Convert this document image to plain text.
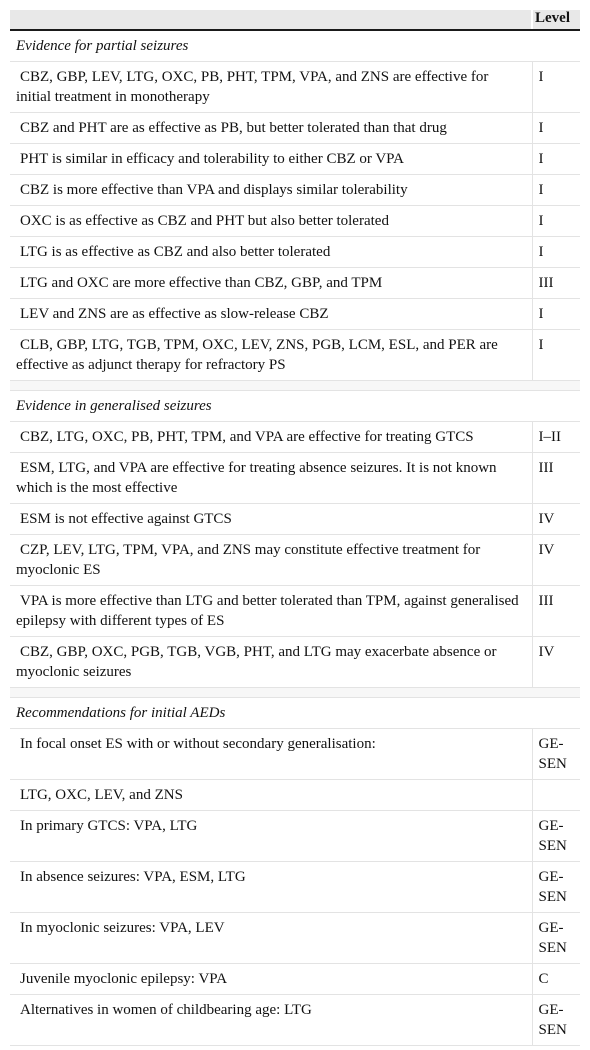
	Level
Evidence for partial seizures	
CBZ, GBP, LEV, LTG, OXC, PB, PHT, TPM, VPA, and ZNS are effective for initial treatment in monotherapy	I
CBZ and PHT are as effective as PB, but better tolerated than that drug	I
PHT is similar in efficacy and tolerability to either CBZ or VPA	I
CBZ is more effective than VPA and displays similar tolerability	I
OXC is as effective as CBZ and PHT but also better tolerated	I
LTG is as effective as CBZ and also better tolerated	I
LTG and OXC are more effective than CBZ, GBP, and TPM	III
LEV and ZNS are as effective as slow-release CBZ	I
CLB, GBP, LTG, TGB, TPM, OXC, LEV, ZNS, PGB, LCM, ESL, and PER are effective as adjunct therapy for refractory PS	I

Evidence in generalised seizures	
CBZ, LTG, OXC, PB, PHT, TPM, and VPA are effective for treating GTCS	I–II
ESM, LTG, and VPA are effective for treating absence seizures. It is not known which is the most effective	III
ESM is not effective against GTCS	IV
CZP, LEV, LTG, TPM, VPA, and ZNS may constitute effective treatment for myoclonic ES	IV
VPA is more effective than LTG and better tolerated than TPM, against generalised epilepsy with different types of ES	III
CBZ, GBP, OXC, PGB, TGB, VGB, PHT, and LTG may exacerbate absence or myoclonic seizures	IV

Recommendations for initial AEDs	
In focal onset ES with or without secondary generalisation:	GE-SEN
LTG, OXC, LEV, and ZNS	
In primary GTCS: VPA, LTG	GE-SEN
In absence seizures: VPA, ESM, LTG	GE-SEN
In myoclonic seizures: VPA, LEV	GE-SEN
Juvenile myoclonic epilepsy: VPA	C
Alternatives in women of childbearing age: LTG	GE-SEN
